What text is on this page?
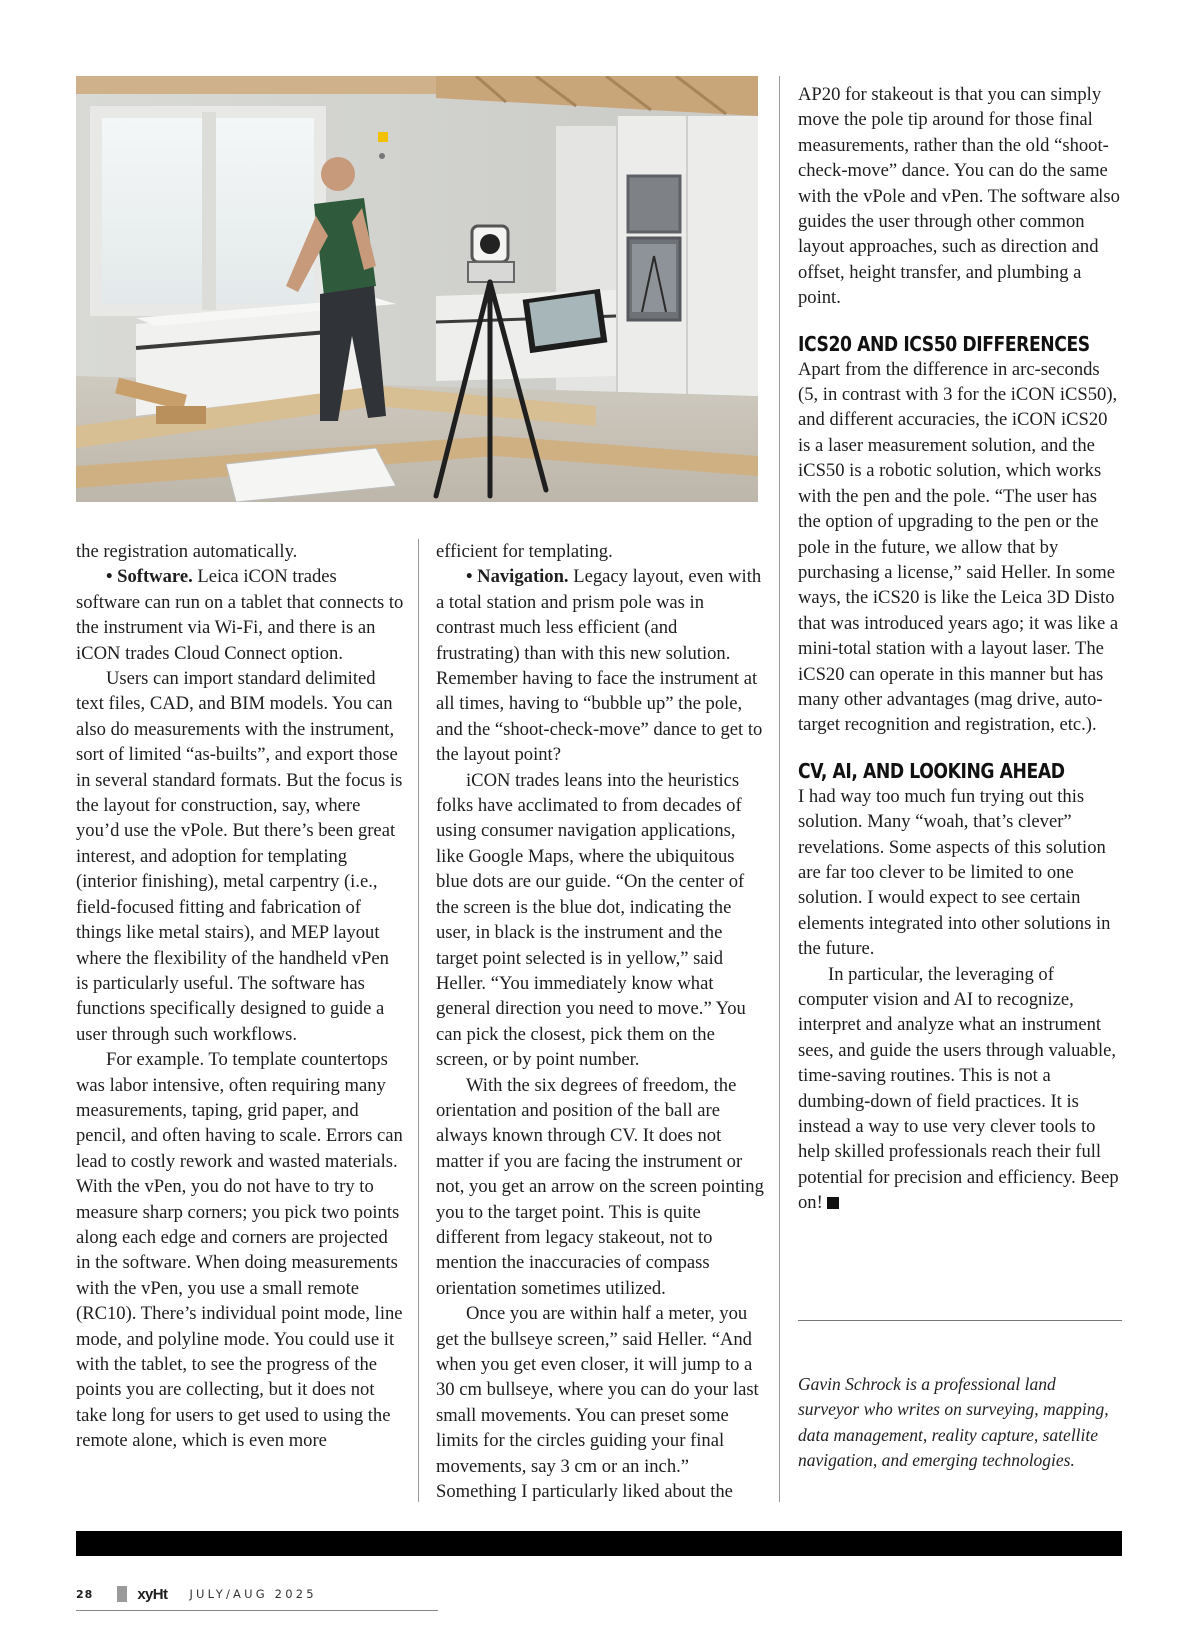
the registration automatically.

• Software. Leica iCON trades software can run on a tablet that connects to the instrument via Wi-Fi, and there is an iCON trades Cloud Connect option.

Users can import standard delimited text files, CAD, and BIM models. You can also do measurements with the instrument, sort of limited “as-builts”, and export those in several standard formats. But the focus is the layout for construction, say, where you’d use the vPole. But there’s been great interest, and adoption for templating (interior finishing), metal carpentry (i.e., field-focused fitting and fabrication of things like metal stairs), and MEP layout where the flexibility of the handheld vPen is particularly useful. The software has functions specifically designed to guide a user through such workflows.

For example. To template countertops was labor intensive, often requiring many measurements, taping, grid paper, and pencil, and often having to scale. Errors can lead to costly rework and wasted materials. With the vPen, you do not have to try to measure sharp corners; you pick two points along each edge and corners are projected in the software. When doing measurements with the vPen, you use a small remote (RC10). There’s individual point mode, line mode, and polyline mode. You could use it with the tablet, to see the progress of the points you are collecting, but it does not take long for users to get used to using the remote alone, which is even more

efficient for templating.

• Navigation. Legacy layout, even with a total station and prism pole was in contrast much less efficient (and frustrating) than with this new solution. Remember having to face the instrument at all times, having to “bubble up” the pole, and the “shoot-check-move” dance to get to the layout point?

iCON trades leans into the heuristics folks have acclimated to from decades of using consumer navigation applications, like Google Maps, where the ubiquitous blue dots are our guide. “On the center of the screen is the blue dot, indicating the user, in black is the instrument and the target point selected is in yellow,” said Heller. “You immediately know what general direction you need to move.” You can pick the closest, pick them on the screen, or by point number.

With the six degrees of freedom, the orientation and position of the ball are always known through CV. It does not matter if you are facing the instrument or not, you get an arrow on the screen pointing you to the target point. This is quite different from legacy stakeout, not to mention the inaccuracies of compass orientation sometimes utilized.

Once you are within half a meter, you get the bullseye screen,” said Heller. “And when you get even closer, it will jump to a 30 cm bullseye, where you can do your last small movements. You can preset some limits for the circles guiding your final movements, say 3 cm or an inch.” Something I particularly liked about the

AP20 for stakeout is that you can simply move the pole tip around for those final measurements, rather than the old “shoot-check-move” dance. You can do the same with the vPole and vPen. The software also guides the user through other common layout approaches, such as direction and offset, height transfer, and plumbing a point.

ICS20 AND ICS50 DIFFERENCES

Apart from the difference in arc-seconds (5, in contrast with 3 for the iCON iCS50), and different accuracies, the iCON iCS20 is a laser measurement solution, and the iCS50 is a robotic solution, which works with the pen and the pole. “The user has the option of upgrading to the pen or the pole in the future, we allow that by purchasing a license,” said Heller. In some ways, the iCS20 is like the Leica 3D Disto that was introduced years ago; it was like a mini-total station with a layout laser. The iCS20 can operate in this manner but has many other advantages (mag drive, auto-target recognition and registration, etc.).

CV, AI, AND LOOKING AHEAD

I had way too much fun trying out this solution. Many “woah, that’s clever” revelations. Some aspects of this solution are far too clever to be limited to one solution. I would expect to see certain elements integrated into other solutions in the future.

In particular, the leveraging of computer vision and AI to recognize, interpret and analyze what an instrument sees, and guide the users through valuable, time-saving routines. This is not a dumbing-down of field practices. It is instead a way to use very clever tools to help skilled professionals reach their full potential for precision and efficiency. Beep on!

Gavin Schrock is a professional land surveyor who writes on surveying, mapping, data management, reality capture, satellite navigation, and emerging technologies.
28	xyHt JULY/AUG 2025
